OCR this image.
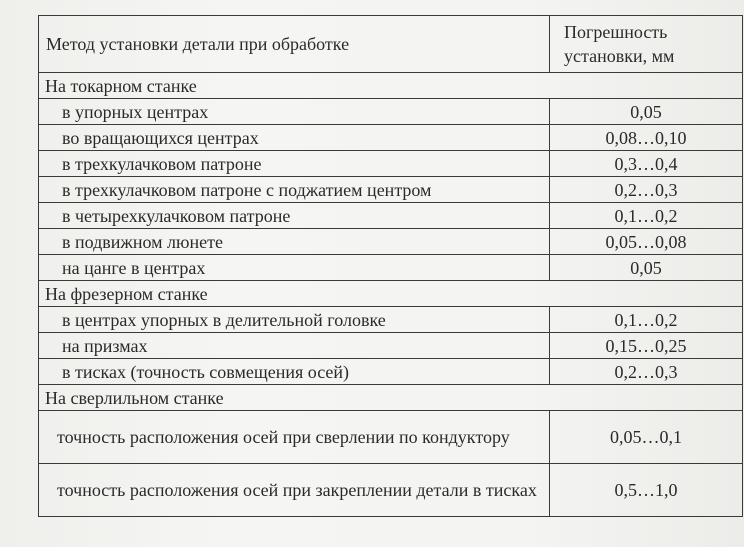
Метод установки детали при обработке	Погрешность
установки, мм
На токарном станке	
в упорных центрах	0,05
во вращающихся центрах	0,08…0,10
в трехкулачковом патроне	0,3…0,4
в трехкулачковом патроне с поджатием центром	0,2…0,3
в четырехкулачковом патроне	0,1…0,2
в подвижном люнете	0,05…0,08
на цанге в центрах	0,05
На фрезерном станке	
в центрах упорных в делительной головке	0,1…0,2
на призмах	0,15…0,25
в тисках (точность совмещения осей)	0,2…0,3
На сверлильном станке	
точность расположения осей при сверлении по кондуктору	0,05…0,1
точность расположения осей при закреплении детали в тисках	0,5…1,0
